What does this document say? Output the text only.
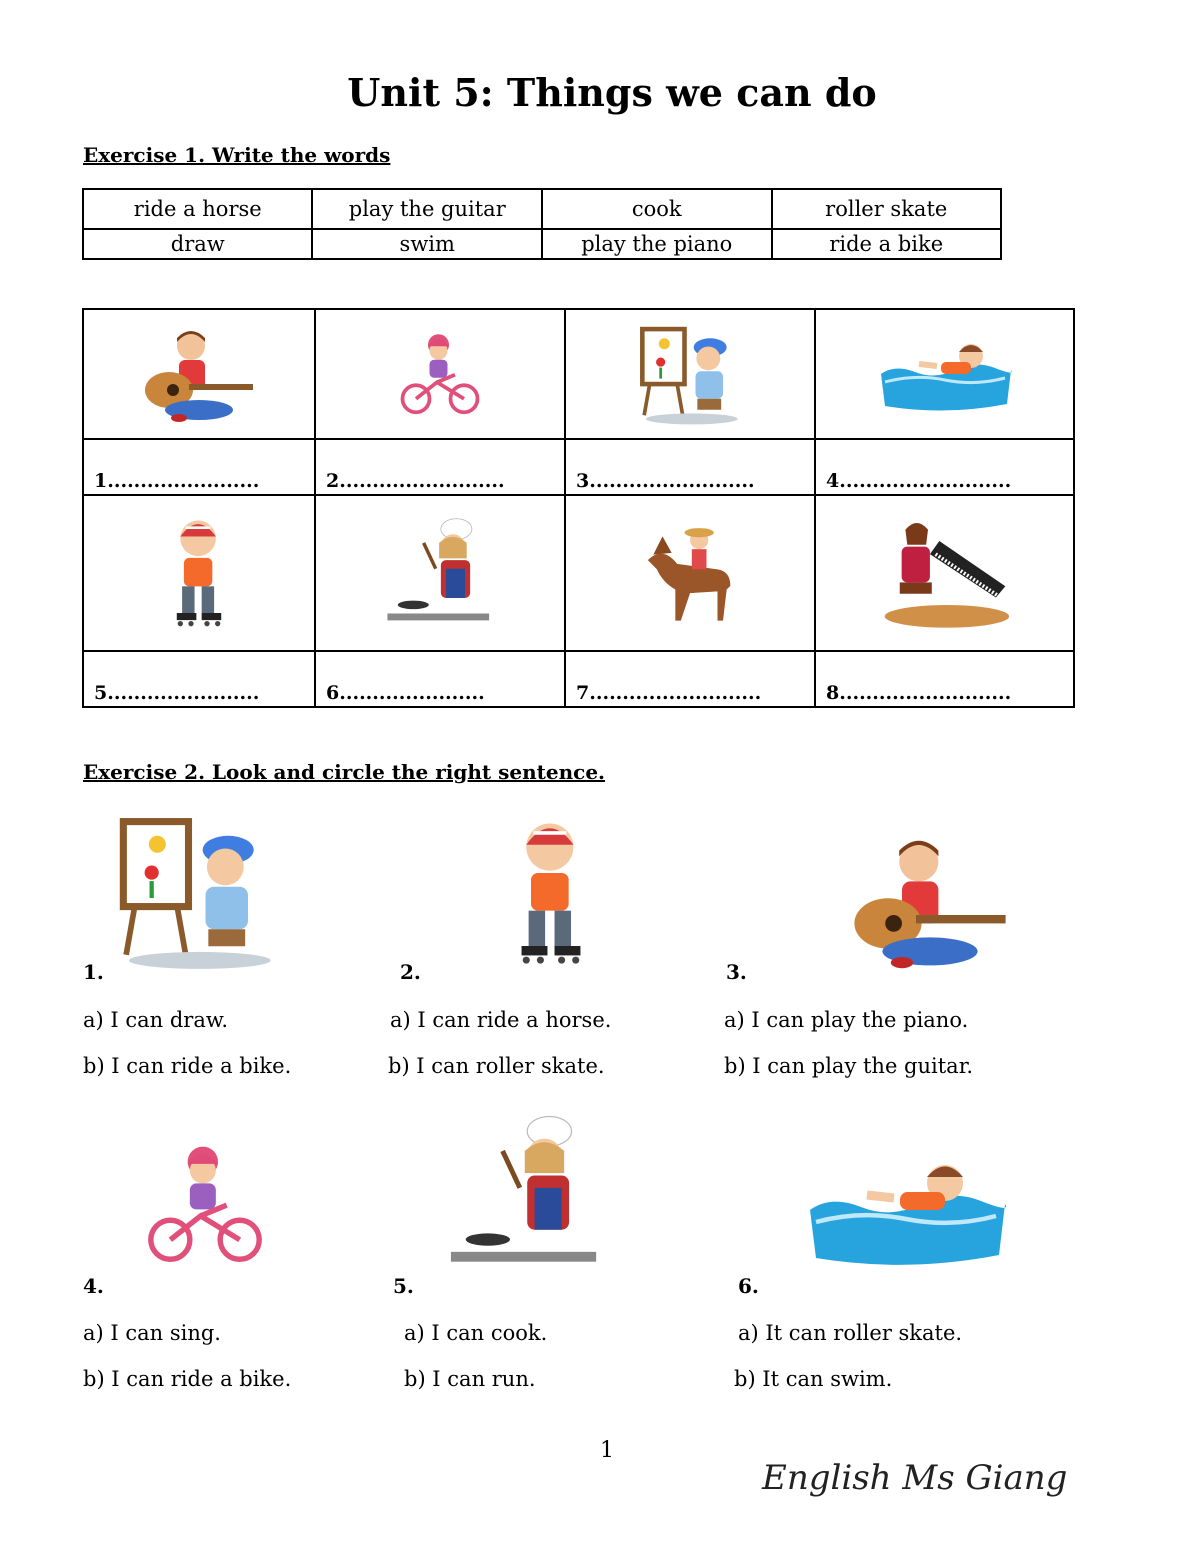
Unit 5: Things we can do
Exercise 1. Write the words
ride a horse	play the guitar	cook	roller skate
draw	swim	play the piano	ride a bike

1.......................	2.........................	3.........................	4..........................

5.......................	6......................	7..........................	8..........................
Exercise 2. Look and circle the right sentence.
1.	2.	3.
a) I can draw.
b) I can ride a bike.
a) I can ride a horse.
b) I can roller skate.
a) I can play the piano.
b) I can play the guitar.
4.	5.	6.
a) I can sing.
b) I can ride a bike.
a) I can cook.
b) I can run.
a) It can roller skate.
b) It can swim.
1
English Ms Giang
